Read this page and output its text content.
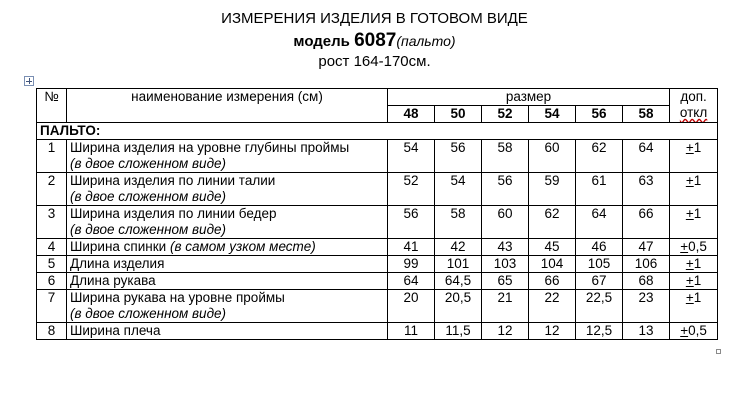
ИЗМЕРЕНИЯ ИЗДЕЛИЯ В ГОТОВОМ ВИДЕ
модель 6087(пальто)
рост 164-170см.
№	наименование измерения (см)	размер						доп.
откл
		48	50	52	54	56	58	
ПАЛЬТО:								
1	Ширина изделия на уровне глубины проймы
(в двое сложенном виде)	54	56	58	60	62	64	+1
2	Ширина изделия по линии талии
(в двое сложенном виде)	52	54	56	59	61	63	+1
3	Ширина изделия по линии бедер
(в двое сложенном виде)	56	58	60	62	64	66	+1
4	Ширина спинки (в самом узком месте)	41	42	43	45	46	47	+0,5
5	Длина изделия	99	101	103	104	105	106	+1
6	Длина рукава	64	64,5	65	66	67	68	+1
7	Ширина рукава на уровне проймы
(в двое сложенном виде)	20	20,5	21	22	22,5	23	+1
8	Ширина плеча	11	11,5	12	12	12,5	13	+0,5
